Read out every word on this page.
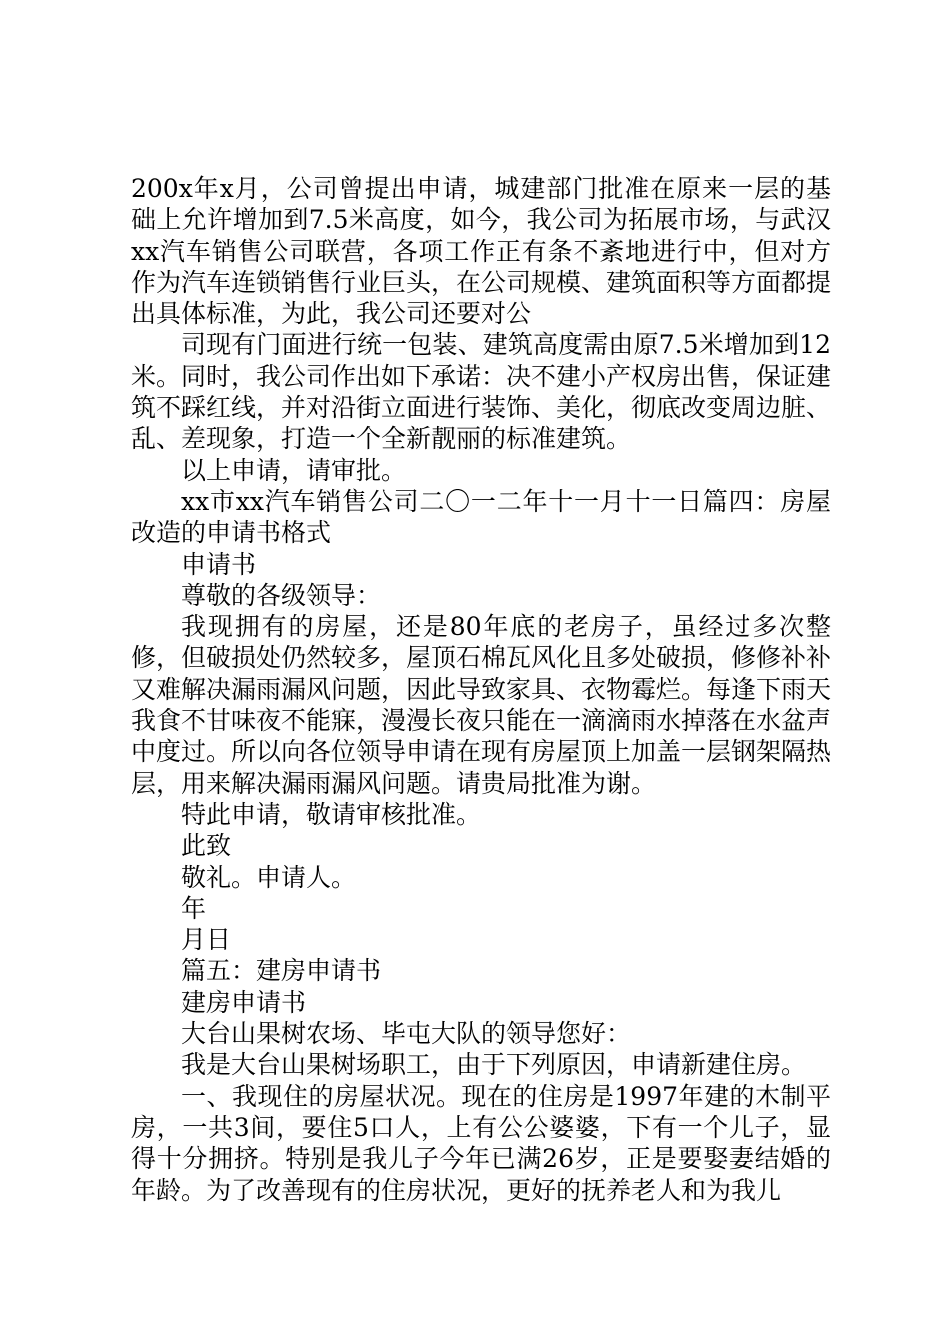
200x年x月，公司曾提出申请，城建部门批准在原来一层的基础上允许增加到7.5米高度，如今，我公司为拓展市场，与武汉xx汽车销售公司联营，各项工作正有条不紊地进行中，但对方作为汽车连锁销售行业巨头，在公司规模、建筑面积等方面都提出具体标准，为此，我公司还要对公

司现有门面进行统一包装、建筑高度需由原7.5米增加到12米。同时，我公司作出如下承诺：决不建小产权房出售，保证建筑不踩红线，并对沿街立面进行装饰、美化，彻底改变周边脏、乱、差现象，打造一个全新靓丽的标准建筑。

以上申请，请审批。

xx市xx汽车销售公司二〇一二年十一月十一日篇四：房屋改造的申请书格式

申请书

尊敬的各级领导：

我现拥有的房屋，还是80年底的老房子，虽经过多次整修，但破损处仍然较多，屋顶石棉瓦风化且多处破损，修修补补又难解决漏雨漏风问题，因此导致家具、衣物霉烂。每逢下雨天我食不甘味夜不能寐，漫漫长夜只能在一滴滴雨水掉落在水盆声中度过。所以向各位领导申请在现有房屋顶上加盖一层钢架隔热层，用来解决漏雨漏风问题。请贵局批准为谢。

特此申请，敬请审核批准。

此致

敬礼。申请人。

年

月日

篇五：建房申请书

建房申请书

大台山果树农场、毕屯大队的领导您好：

我是大台山果树场职工，由于下列原因，申请新建住房。

一、我现住的房屋状况。现在的住房是1997年建的木制平房，一共3间，要住5口人，上有公公婆婆，下有一个儿子，显得十分拥挤。特别是我儿子今年已满26岁，正是要娶妻结婚的年龄。为了改善现有的住房状况，更好的抚养老人和为我儿
